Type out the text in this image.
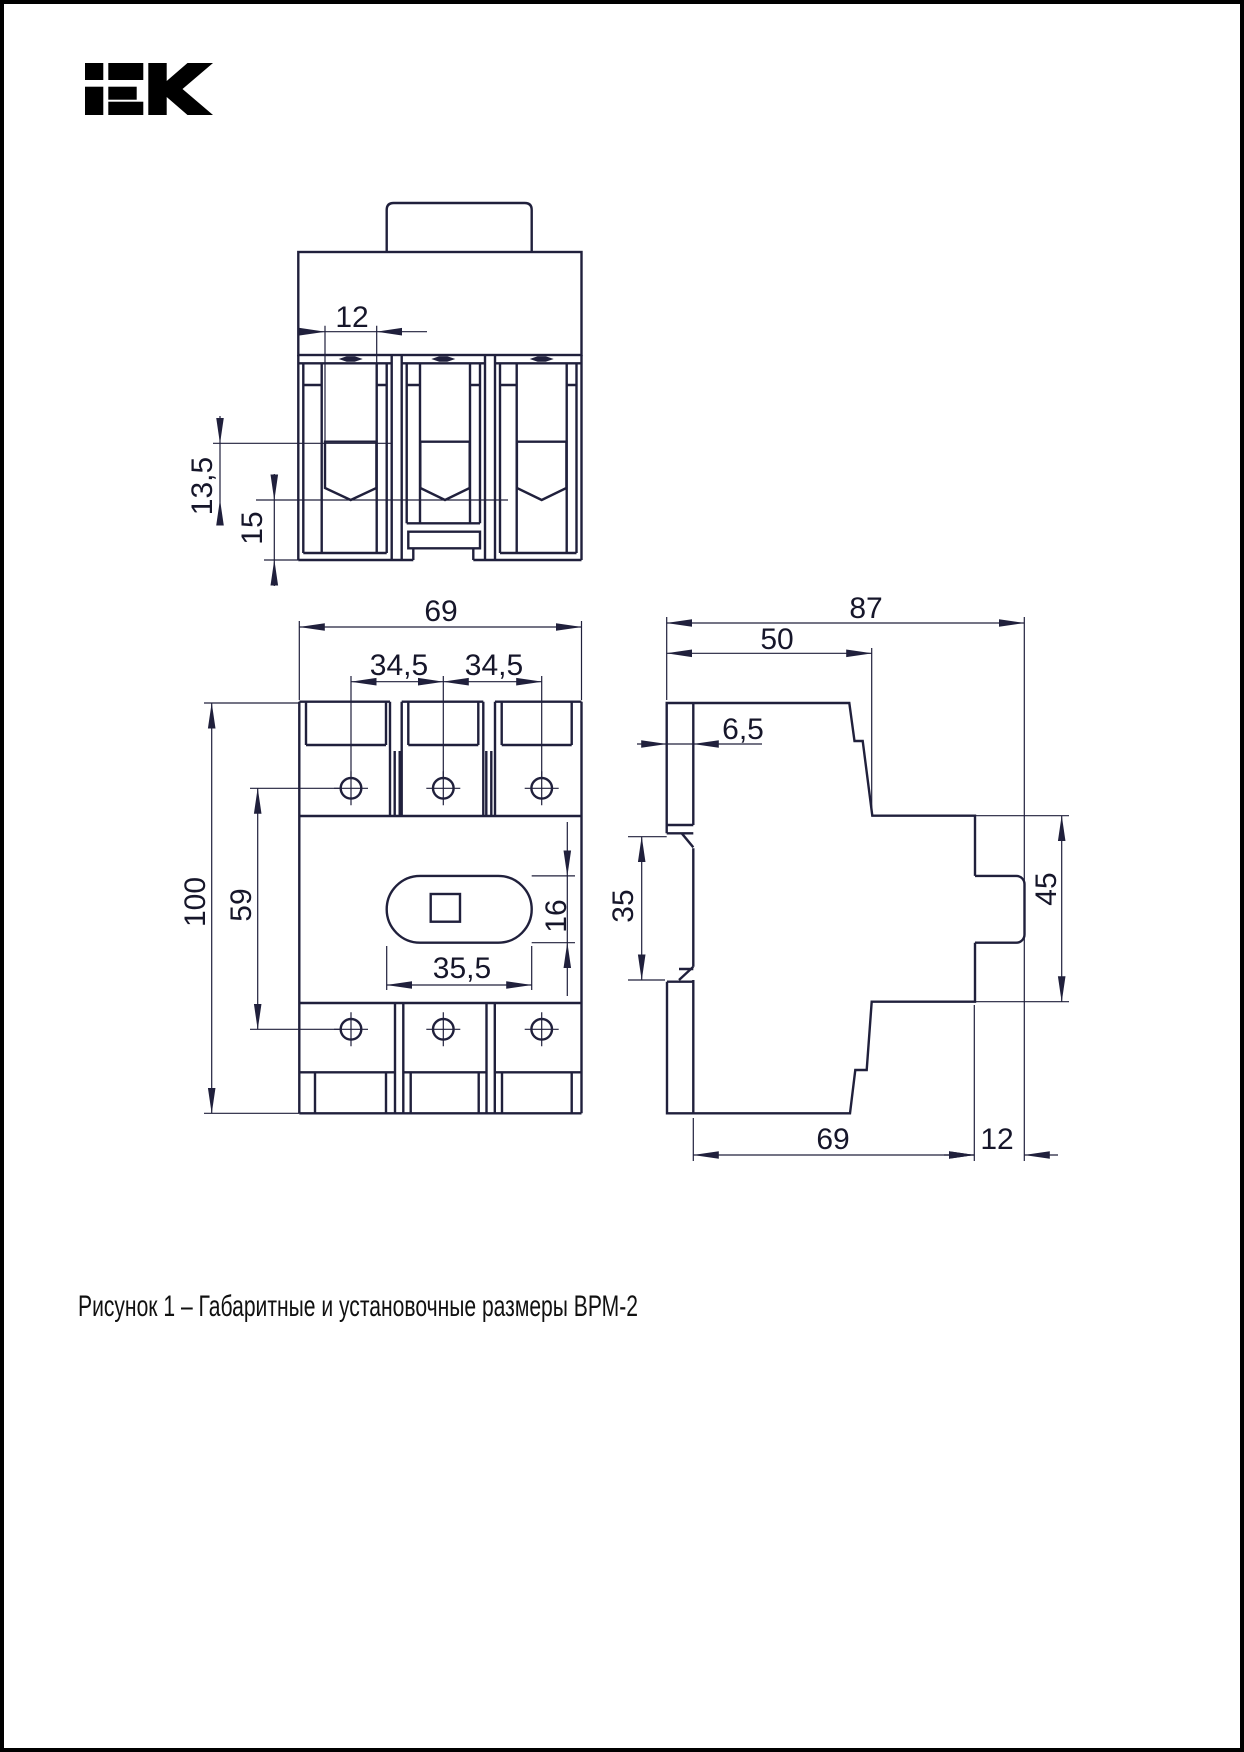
12
13,5
15
69
34,5 34,5
100 59
35,5
16
87
50
6,5
35
45
69	12
Рисунок 1 – Габаритные и установочные размеры ВРМ-2
